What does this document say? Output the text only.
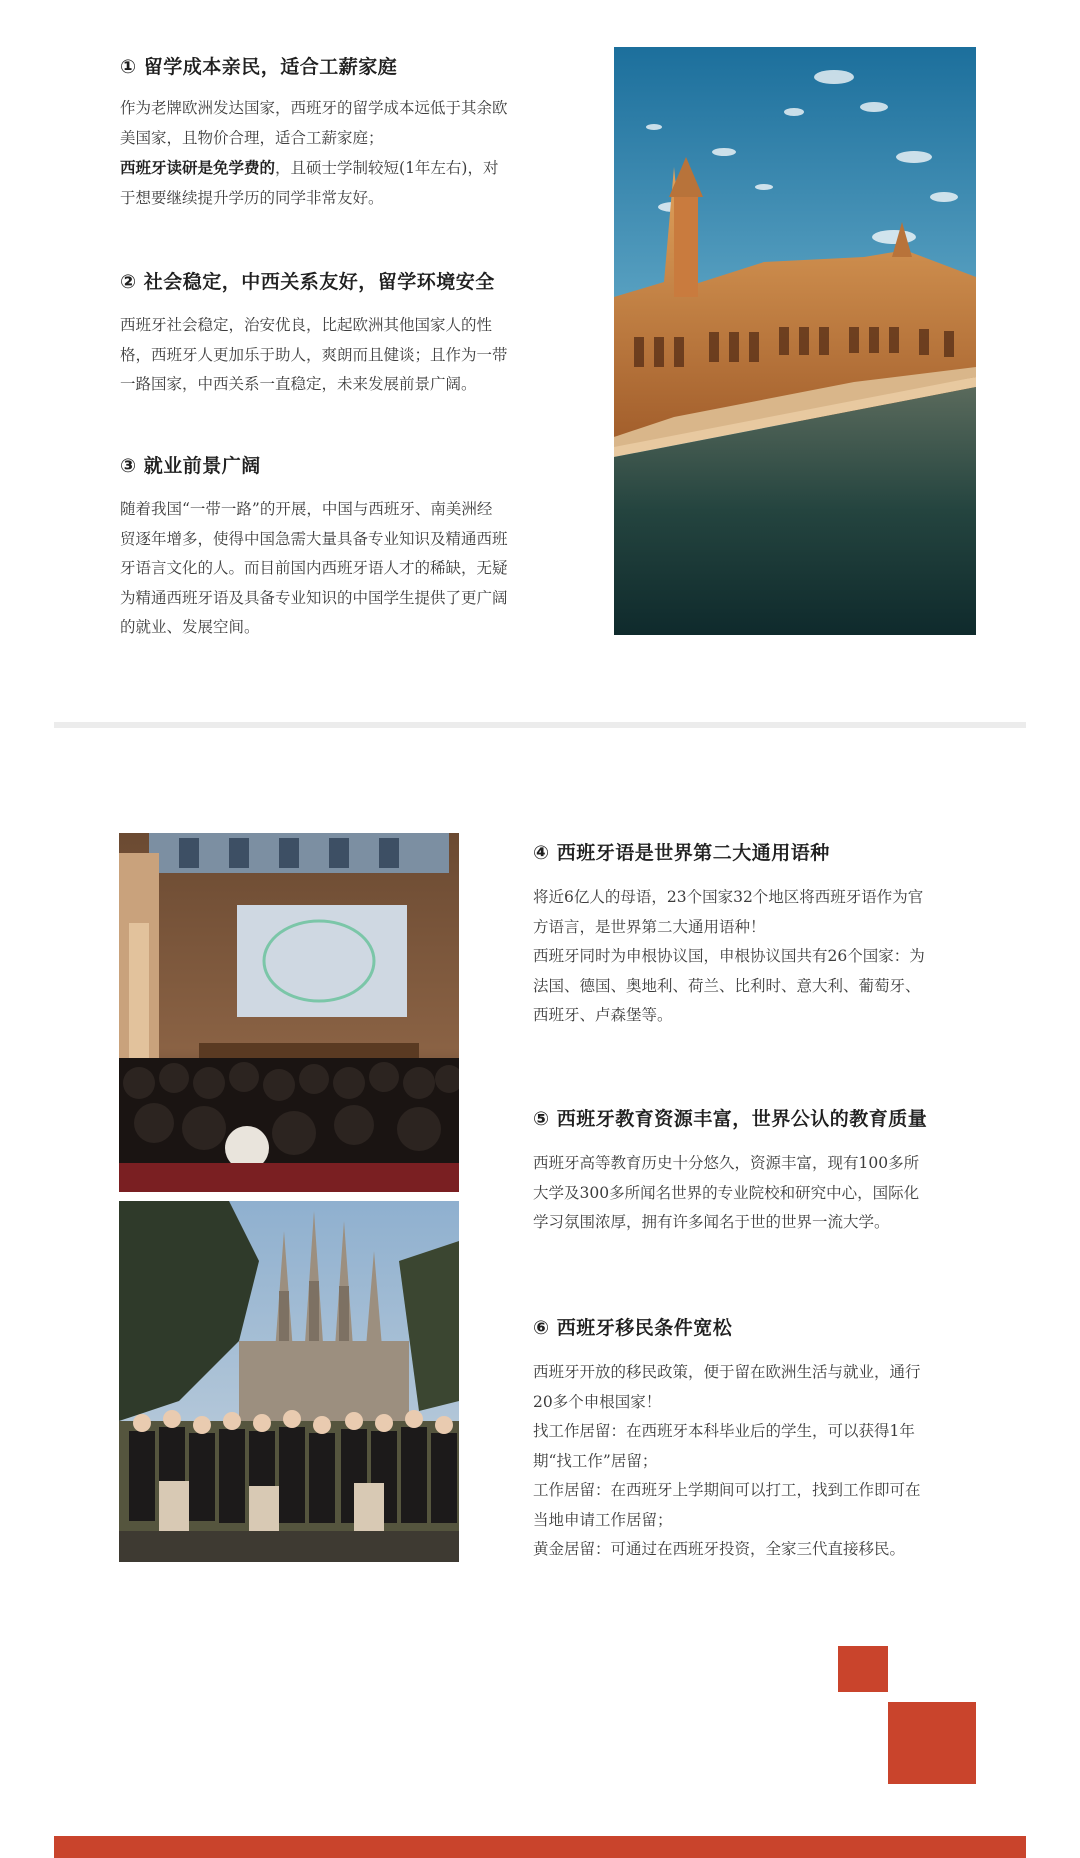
① 留学成本亲民，适合工薪家庭

作为老牌欧洲发达国家，西班牙的留学成本远低于其余欧

美国家，且物价合理，适合工薪家庭；

西班牙读研是免学费的，且硕士学制较短(1年左右)，对

于想要继续提升学历的同学非常友好。

② 社会稳定，中西关系友好，留学环境安全

西班牙社会稳定，治安优良，比起欧洲其他国家人的性

格，西班牙人更加乐于助人，爽朗而且健谈；且作为一带

一路国家，中西关系一直稳定，未来发展前景广阔。

③ 就业前景广阔

随着我国“一带一路”的开展，中国与西班牙、南美洲经

贸逐年增多，使得中国急需大量具备专业知识及精通西班

牙语言文化的人。而目前国内西班牙语人才的稀缺，无疑

为精通西班牙语及具备专业知识的中国学生提供了更广阔

的就业、发展空间。

④ 西班牙语是世界第二大通用语种

将近6亿人的母语，23个国家32个地区将西班牙语作为官

方语言，是世界第二大通用语种！

西班牙同时为申根协议国，申根协议国共有26个国家：为

法国、德国、奥地利、荷兰、比利时、意大利、葡萄牙、

西班牙、卢森堡等。

⑤ 西班牙教育资源丰富，世界公认的教育质量

西班牙高等教育历史十分悠久，资源丰富，现有100多所

大学及300多所闻名世界的专业院校和研究中心，国际化

学习氛围浓厚，拥有许多闻名于世的世界一流大学。

⑥ 西班牙移民条件宽松

西班牙开放的移民政策，便于留在欧洲生活与就业，通行

20多个申根国家！

找工作居留：在西班牙本科毕业后的学生，可以获得1年

期“找工作”居留；

工作居留：在西班牙上学期间可以打工，找到工作即可在

当地申请工作居留；

黄金居留：可通过在西班牙投资，全家三代直接移民。
